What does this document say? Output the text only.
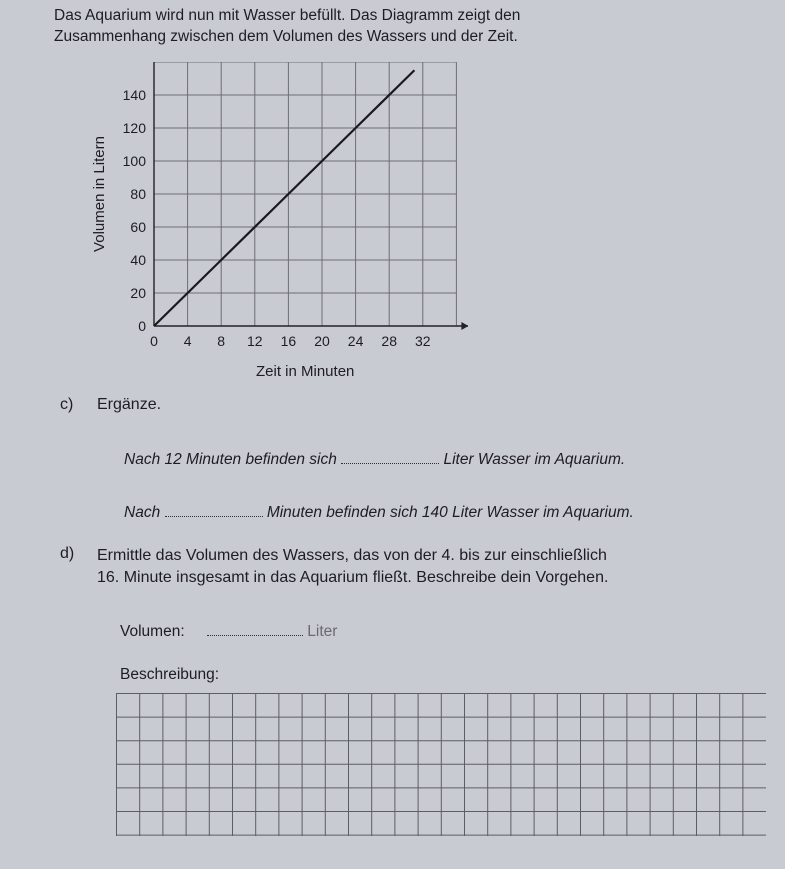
Das Aquarium wird nun mit Wasser befüllt. Das Diagramm zeigt den
Zusammenhang zwischen dem Volumen des Wassers und der Zeit.
0 4 8 12 16 20 24 28 32
0
20
40
60
80
100
120
140
Zeit in Minuten
Volumen in Litern
c) Ergänze.
Nach 12 Minuten befinden sich	Liter Wasser im Aquarium.
Nach	Minuten befinden sich 140 Liter Wasser im Aquarium.
d) Ermittle das Volumen des Wassers, das von der 4. bis zur einschließlich
16. Minute insgesamt in das Aquarium fließt. Beschreibe dein Vorgehen.
Volumen:	Liter
Beschreibung:
